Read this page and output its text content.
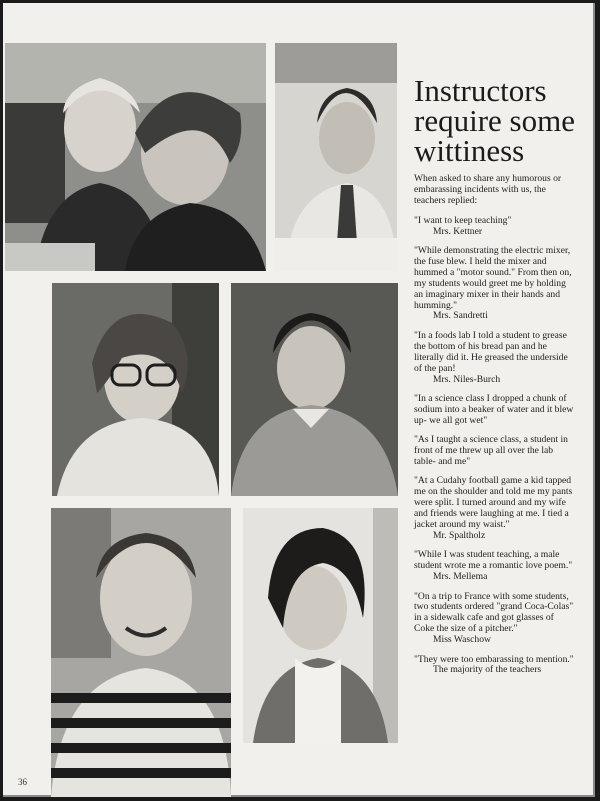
Instructors
require some
wittiness

When asked to share any humorous or embarassing incidents with us, the teachers replied:

"I want to keep teaching"
Mrs. Kettner

"While demonstrating the electric mixer, the fuse blew. I held the mixer and hummed a "motor sound." From then on, my students would greet me by holding an imaginary mixer in their hands and humming."
Mrs. Sandretti

"In a foods lab I told a student to grease the bottom of his bread pan and he literally did it. He greased the underside of the pan!
Mrs. Niles-Burch

"In a science class I dropped a chunk of sodium into a beaker of water and it blew up- we all got wet"

"As I taught a science class, a student in front of me threw up all over the lab table- and me"

"At a Cudahy football game a kid tapped me on the shoulder and told me my pants were split. I turned around and my wife and friends were laughing at me. I tied a jacket around my waist."
Mr. Spaltholz

"While I was student teaching, a male student wrote me a romantic love poem."
Mrs. Mellema

"On a trip to France with some students, two students ordered "grand Coca-Colas" in a sidewalk cafe and got glasses of Coke the size of a pitcher."
Miss Waschow

"They were too embarassing to mention."
The majority of the teachers

36
